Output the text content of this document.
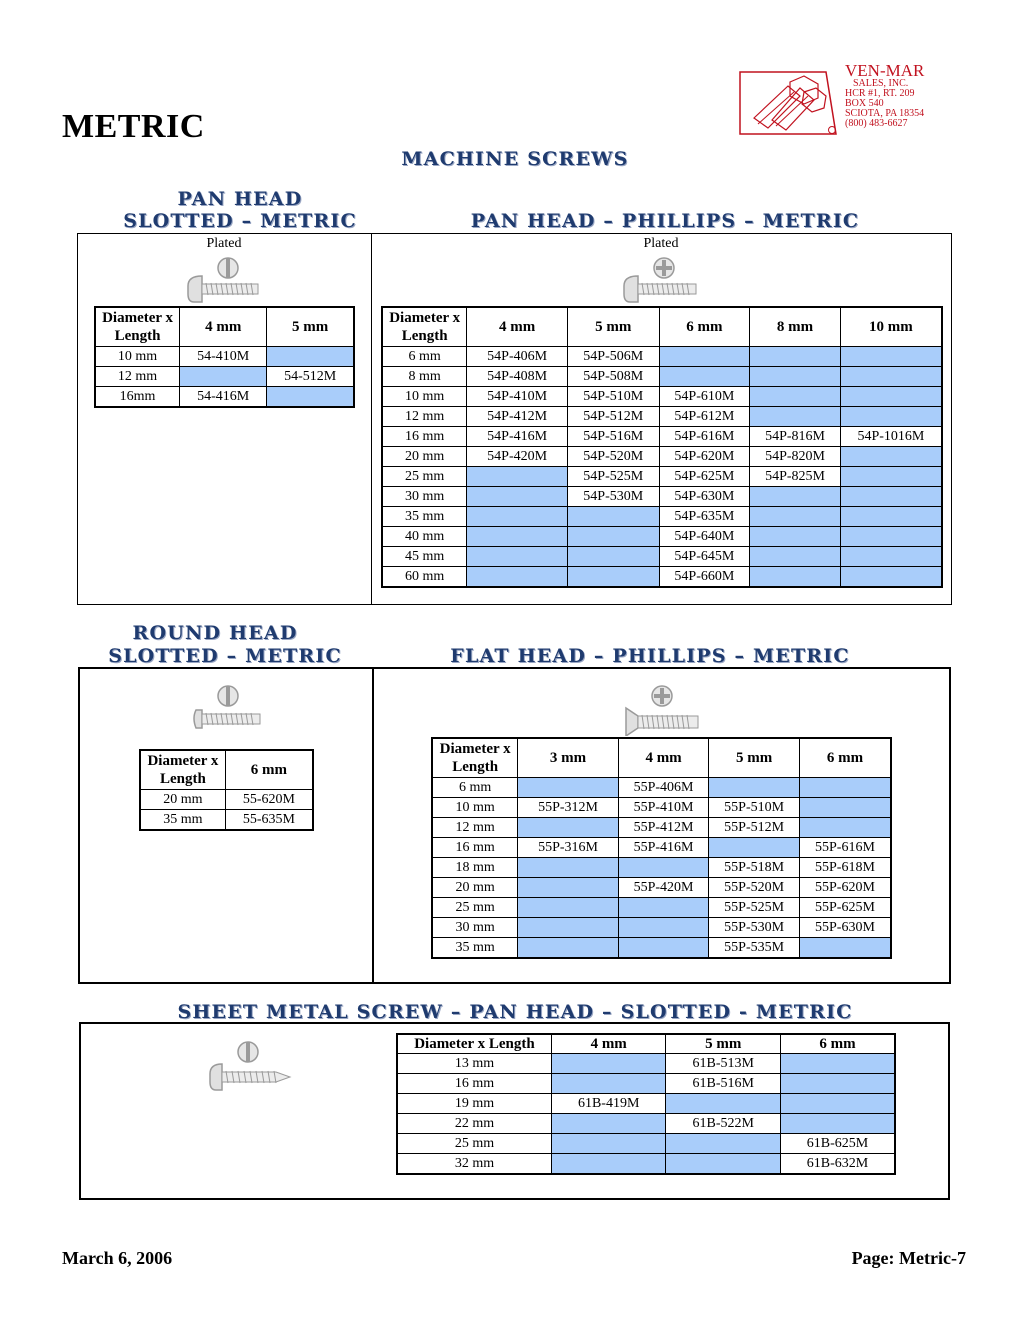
METRIC
VEN-MAR
SALES, INC.
HCR #1, RT. 209
BOX 540
SCIOTA, PA 18354
(800) 483-6627
MACHINE SCREWS
PAN HEAD
SLOTTED – METRIC	PAN HEAD – PHILLIPS – METRIC
Plated	Plated
Diameter x Length	4 mm	5 mm
10 mm	54-410M	
12 mm		54-512M
16mm	54-416M	
Diameter x Length	4 mm	5 mm	6 mm	8 mm	10 mm
6 mm	54P-406M	54P-506M			
8 mm	54P-408M	54P-508M			
10 mm	54P-410M	54P-510M	54P-610M		
12 mm	54P-412M	54P-512M	54P-612M		
16 mm	54P-416M	54P-516M	54P-616M	54P-816M	54P-1016M
20 mm	54P-420M	54P-520M	54P-620M	54P-820M	
25 mm		54P-525M	54P-625M	54P-825M	
30 mm		54P-530M	54P-630M		
35 mm			54P-635M		
40 mm			54P-640M		
45 mm			54P-645M		
60 mm			54P-660M		
ROUND HEAD
SLOTTED – METRIC	FLAT HEAD – PHILLIPS – METRIC
Diameter x Length	6 mm
20 mm	55-620M
35 mm	55-635M
Diameter x Length	3 mm	4 mm	5 mm	6 mm
6 mm		55P-406M		
10 mm	55P-312M	55P-410M	55P-510M	
12 mm		55P-412M	55P-512M	
16 mm	55P-316M	55P-416M		55P-616M
18 mm			55P-518M	55P-618M
20 mm		55P-420M	55P-520M	55P-620M
25 mm			55P-525M	55P-625M
30 mm			55P-530M	55P-630M
35 mm			55P-535M	
SHEET METAL SCREW – PAN HEAD – SLOTTED - METRIC
Diameter x Length	4 mm	5 mm	6 mm
13 mm		61B-513M	
16 mm		61B-516M	
19 mm	61B-419M		
22 mm		61B-522M	
25 mm			61B-625M
32 mm			61B-632M
March 6, 2006	Page: Metric-7
